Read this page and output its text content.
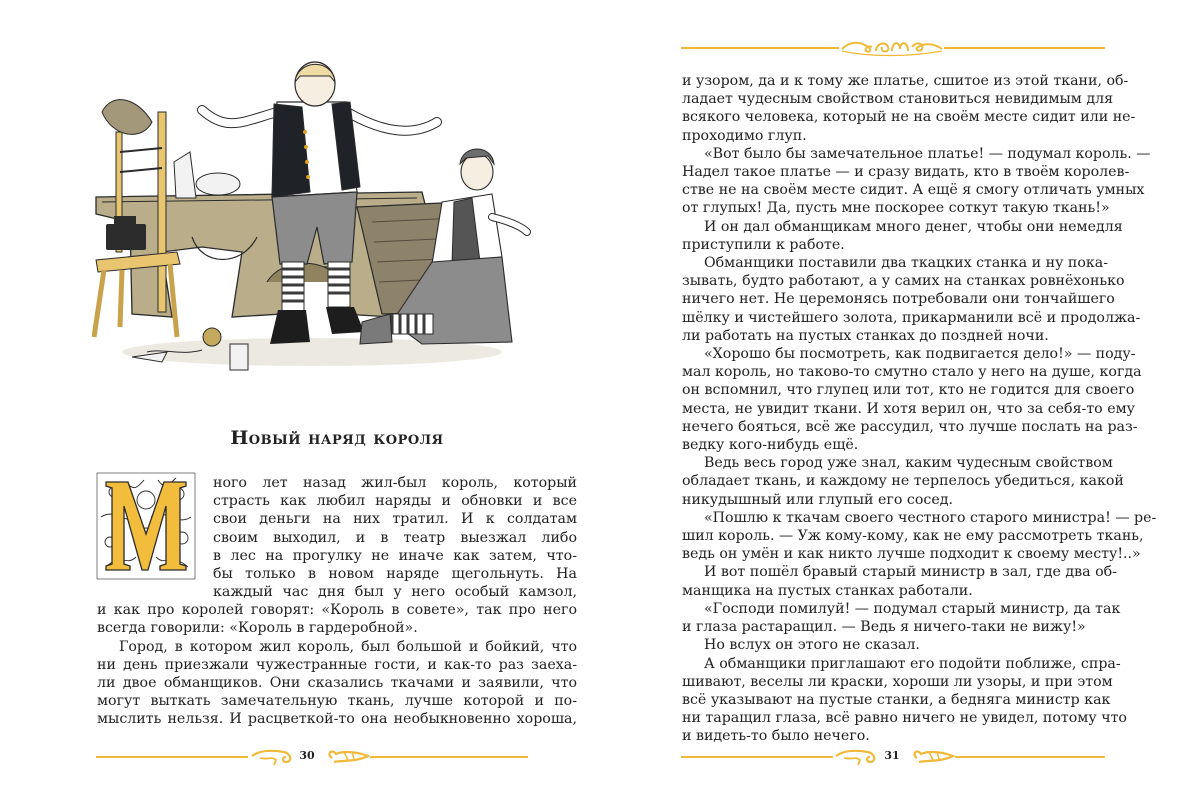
Новый наряд короля
ного лет назад жил-был король, который
страсть как любил наряды и обновки и все
свои деньги на них тратил. И к солдатам
своим выходил, и в театр выезжал либо
в лес на прогулку не иначе как затем, что-
бы только в новом наряде щегольнуть. На
каждый час дня был у него особый камзол,
и как про королей говорят: «Король в совете», так про него
всегда говорили: «Король в гардеробной».
Город, в котором жил король, был большой и бойкий, что
ни день приезжали чужестранные гости, и как-то раз заеха-
ли двое обманщиков. Они сказались ткачами и заявили, что
могут выткать замечательную ткань, лучше которой и по-
мыслить нельзя. И расцветкой-то она необыкновенно хороша,
30
и узором, да и к тому же платье, сшитое из этой ткани, об-
ладает чудесным свойством становиться невидимым для
всякого человека, который не на своём месте сидит или не-
проходимо глуп.
«Вот было бы замечательное платье! — подумал король. —
Надел такое платье — и сразу видать, кто в твоём королев-
стве не на своём месте сидит. А ещё я смогу отличать умных
от глупых! Да, пусть мне поскорее соткут такую ткань!»
И он дал обманщикам много денег, чтобы они немедля
приступили к работе.
Обманщики поставили два ткацких станка и ну пока-
зывать, будто работают, а у самих на станках ровнёхонько
ничего нет. Не церемонясь потребовали они тончайшего
шёлку и чистейшего золота, прикарманили всё и продолжа-
ли работать на пустых станках до поздней ночи.
«Хорошо бы посмотреть, как подвигается дело!» — поду-
мал король, но таково-то смутно стало у него на душе, когда
он вспомнил, что глупец или тот, кто не годится для своего
места, не увидит ткани. И хотя верил он, что за себя-то ему
нечего бояться, всё же рассудил, что лучше послать на раз-
ведку кого-нибудь ещё.
Ведь весь город уже знал, каким чудесным свойством
обладает ткань, и каждому не терпелось убедиться, какой
никудышный или глупый его сосед.
«Пошлю к ткачам своего честного старого министра! — ре-
шил король. — Уж кому-кому, как не ему рассмотреть ткань,
ведь он умён и как никто лучше подходит к своему месту!..»
И вот пошёл бравый старый министр в зал, где два об-
манщика на пустых станках работали.
«Господи помилуй! — подумал старый министр, да так
и глаза растаращил. — Ведь я ничего-таки не вижу!»
Но вслух он этого не сказал.
А обманщики приглашают его подойти поближе, спра-
шивают, веселы ли краски, хороши ли узоры, и при этом
всё указывают на пустые станки, а бедняга министр как
ни таращил глаза, всё равно ничего не увидел, потому что
и видеть-то было нечего.
31
